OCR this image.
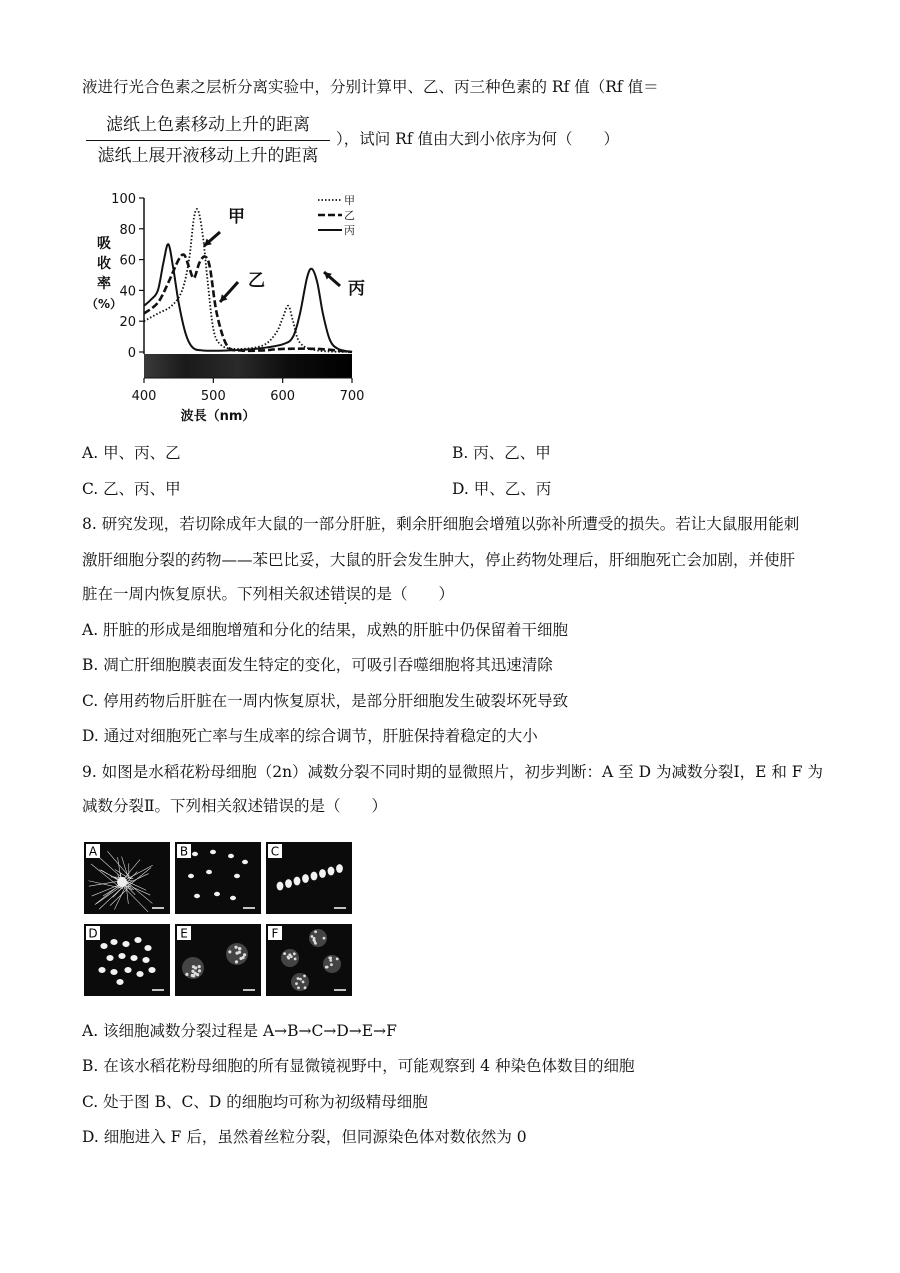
液进行光合色素之层析分离实验中，分别计算甲、乙、丙三种色素的 Rf 值（Rf 值＝
滤纸上色素移动上升的距离
滤纸上展开液移动上升的距离
），试问 Rf 值由大到小依序为何（　　）
0
20
40
60
80
100
吸
收
率
（%）
400	500	600	700
波長（nm）
甲
乙
丙
甲
乙	丙
A. 甲、丙、乙	B. 丙、乙、甲
C. 乙、丙、甲	D. 甲、乙、丙
8. 研究发现，若切除成年大鼠的一部分肝脏，剩余肝细胞会增殖以弥补所遭受的损失。若让大鼠服用能刺
激肝细胞分裂的药物——苯巴比妥，大鼠的肝会发生肿大，停止药物处理后，肝细胞死亡会加剧，并使肝
脏在一周内恢复原状。下列相关叙述错误的是（　　）
A. 肝脏的形成是细胞增殖和分化的结果，成熟的肝脏中仍保留着干细胞
B. 凋亡肝细胞膜表面发生特定的变化，可吸引吞噬细胞将其迅速清除
C. 停用药物后肝脏在一周内恢复原状，是部分肝细胞发生破裂坏死导致
D. 通过对细胞死亡率与生成率的综合调节，肝脏保持着稳定的大小
9. 如图是水稻花粉母细胞（2n）减数分裂不同时期的显微照片，初步判断：A 至 D 为减数分裂Ⅰ，E 和 F 为
减数分裂Ⅱ。下列相关叙述错误的是（　　）
A	B	C
D	E	F
A. 该细胞减数分裂过程是 A→B→C→D→E→F
B. 在该水稻花粉母细胞的所有显微镜视野中，可能观察到 4 种染色体数目的细胞
C. 处于图 B、C、D 的细胞均可称为初级精母细胞
D. 细胞进入 F 后，虽然着丝粒分裂，但同源染色体对数依然为 0
